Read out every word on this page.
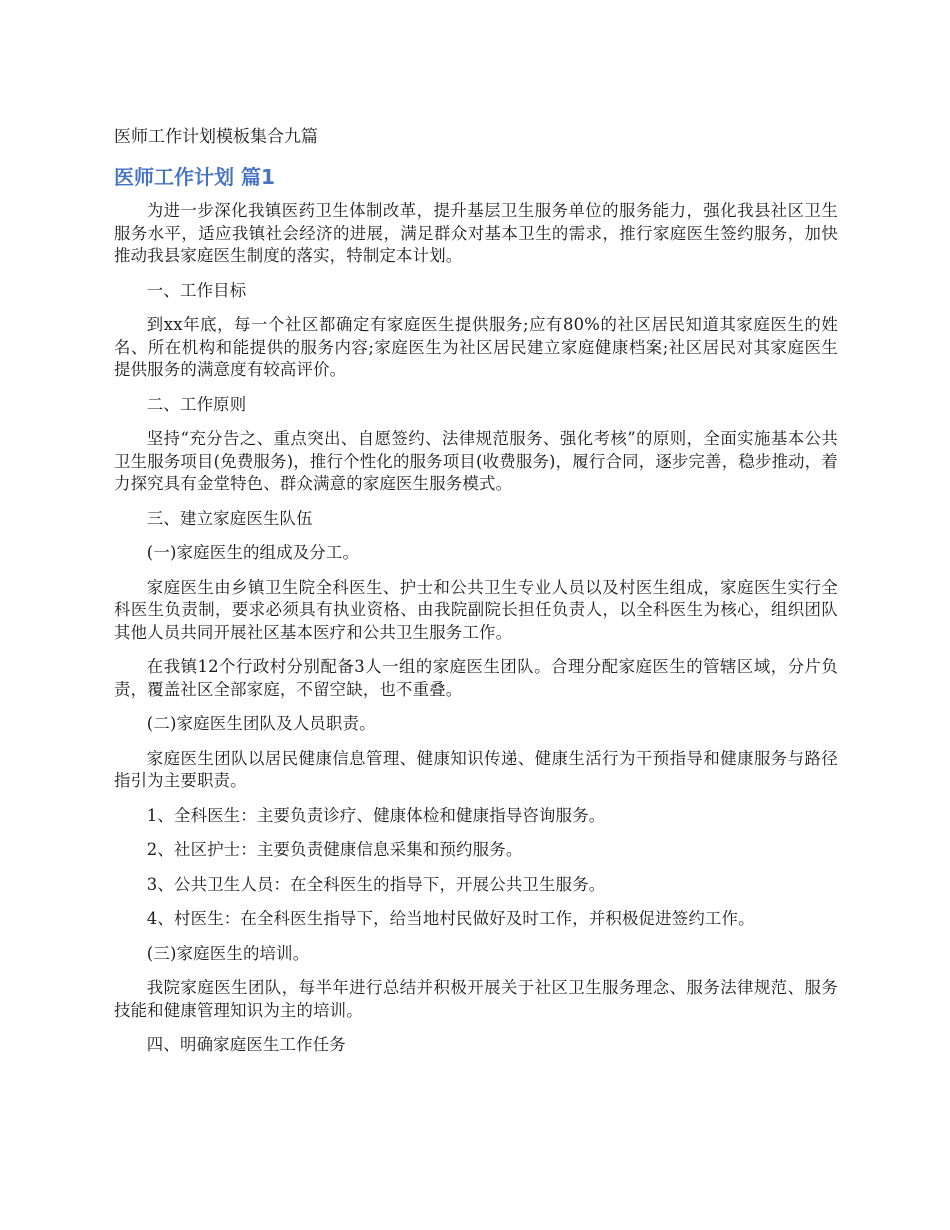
医师工作计划模板集合九篇
医师工作计划 篇1

为进一步深化我镇医药卫生体制改革，提升基层卫生服务单位的服务能力，强化我县社区卫生服务水平，适应我镇社会经济的进展，满足群众对基本卫生的需求，推行家庭医生签约服务，加快推动我县家庭医生制度的落实，特制定本计划。

一、工作目标

到xx年底，每一个社区都确定有家庭医生提供服务;应有80%的社区居民知道其家庭医生的姓名、所在机构和能提供的服务内容;家庭医生为社区居民建立家庭健康档案;社区居民对其家庭医生提供服务的满意度有较高评价。

二、工作原则

坚持“充分告之、重点突出、自愿签约、法律规范服务、强化考核”的原则，全面实施基本公共卫生服务项目(免费服务)，推行个性化的服务项目(收费服务)，履行合同，逐步完善，稳步推动，着力探究具有金堂特色、群众满意的家庭医生服务模式。

三、建立家庭医生队伍

(一)家庭医生的组成及分工。

家庭医生由乡镇卫生院全科医生、护士和公共卫生专业人员以及村医生组成，家庭医生实行全科医生负责制，要求必须具有执业资格、由我院副院长担任负责人，以全科医生为核心，组织团队其他人员共同开展社区基本医疗和公共卫生服务工作。

在我镇12个行政村分别配备3人一组的家庭医生团队。合理分配家庭医生的管辖区域，分片负责，覆盖社区全部家庭，不留空缺，也不重叠。

(二)家庭医生团队及人员职责。

家庭医生团队以居民健康信息管理、健康知识传递、健康生活行为干预指导和健康服务与路径指引为主要职责。

1、全科医生：主要负责诊疗、健康体检和健康指导咨询服务。

2、社区护士：主要负责健康信息采集和预约服务。

3、公共卫生人员：在全科医生的指导下，开展公共卫生服务。

4、村医生：在全科医生指导下，给当地村民做好及时工作，并积极促进签约工作。

(三)家庭医生的培训。

我院家庭医生团队，每半年进行总结并积极开展关于社区卫生服务理念、服务法律规范、服务技能和健康管理知识为主的培训。

四、明确家庭医生工作任务
